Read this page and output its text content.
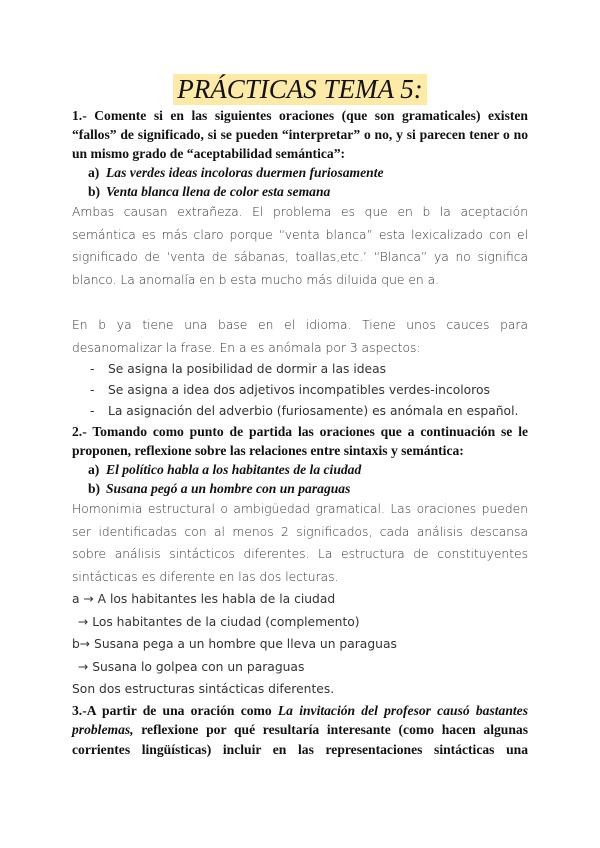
PRÁCTICAS TEMA 5:

1.- Comente si en las siguientes oraciones (que son gramaticales) existen “fallos” de significado, si se pueden “interpretar” o no, y si parecen tener o no un mismo grado de “aceptabilidad semántica”:

a) Las verdes ideas incoloras duermen furiosamente

b) Venta blanca llena de color esta semana

Ambas causan extrañeza. El problema es que en b la aceptación semántica es más claro porque “venta blanca” esta lexicalizado con el significado de ‘venta de sábanas, toallas,etc.’ “Blanca” ya no significa blanco. La anomalía en b esta mucho más diluida que en a.

En b ya tiene una base en el idioma. Tiene unos cauces para desanomalizar la frase. En a es anómala por 3 aspectos:

- Se asigna la posibilidad de dormir a las ideas

- Se asigna a idea dos adjetivos incompatibles verdes-incoloros

- La asignación del adverbio (furiosamente) es anómala en español.

2.- Tomando como punto de partida las oraciones que a continuación se le proponen, reflexione sobre las relaciones entre sintaxis y semántica:

a) El político habla a los habitantes de la ciudad

b) Susana pegó a un hombre con un paraguas

Homonimia estructural o ambigüedad gramatical. Las oraciones pueden ser identificadas con al menos 2 significados, cada análisis descansa sobre análisis sintácticos diferentes. La estructura de constituyentes sintácticas es diferente en las dos lecturas.

a → A los habitantes les habla de la ciudad

→ Los habitantes de la ciudad (complemento)

b→ Susana pega a un hombre que lleva un paraguas

→ Susana lo golpea con un paraguas

Son dos estructuras sintácticas diferentes.

3.-A partir de una oración como La invitación del profesor causó bastantes problemas, reflexione por qué resultaría interesante (como hacen algunas corrientes lingüísticas) incluir en las representaciones sintácticas una
